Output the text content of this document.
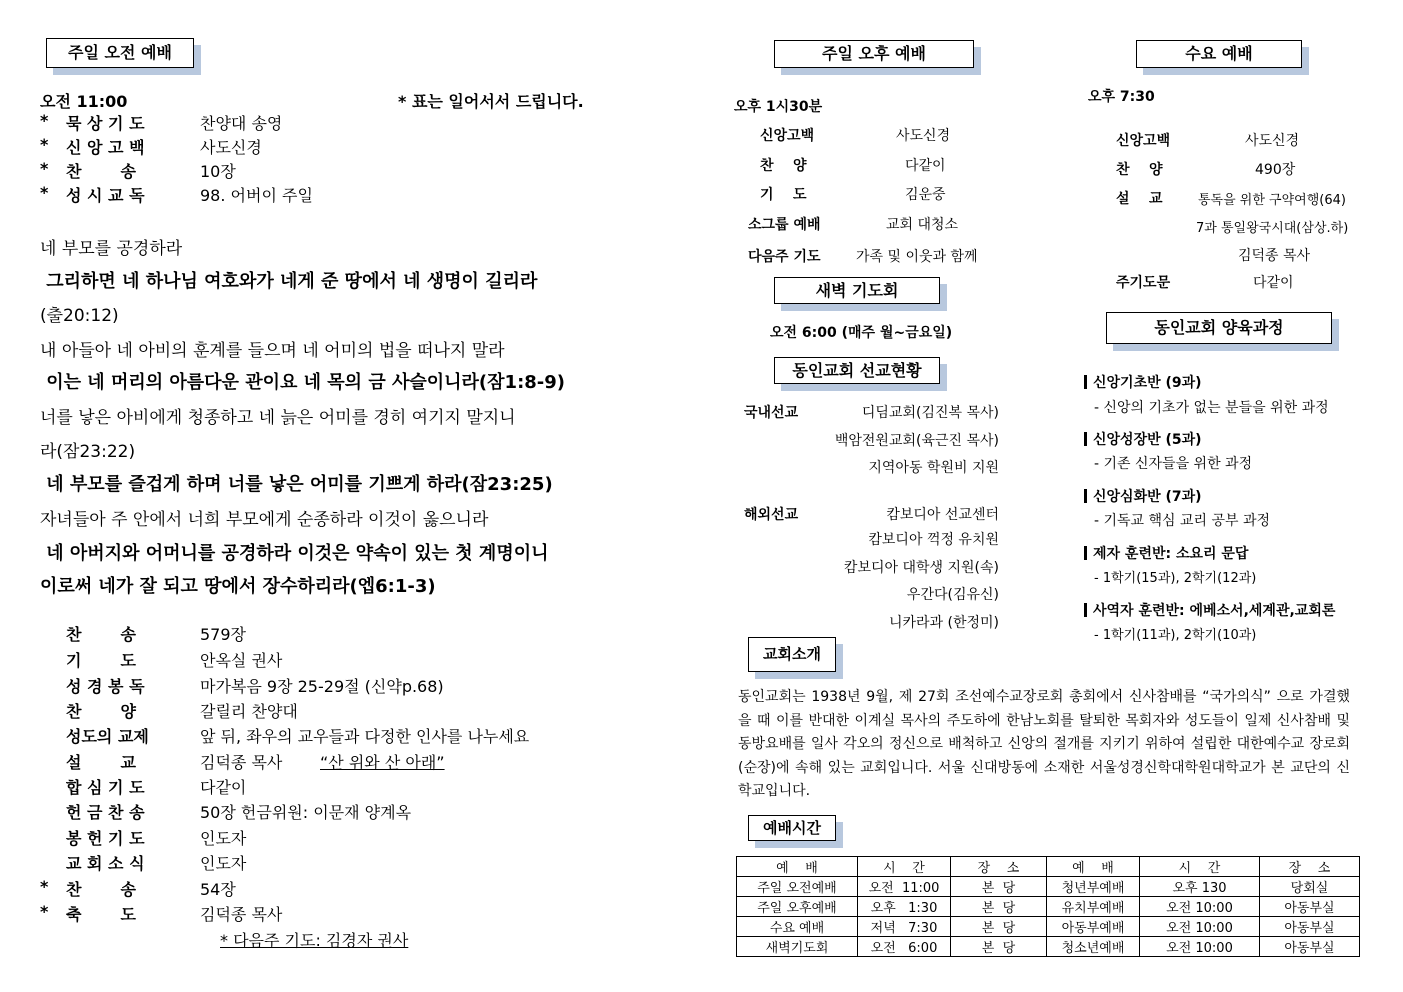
주일 오전 예배
오전 11:00	* 표는 일어서서 드립니다.
* 묵 상 기 도	찬양대 송영
* 신 앙 고 백	사도신경
* 찬       송	10장
* 성 시 교 독	98. 어버이 주일
네 부모를 공경하라
그리하면 네 하나님 여호와가 네게 준 땅에서 네 생명이 길리라
(출20:12)
내 아들아 네 아비의 훈계를 들으며 네 어미의 법을 떠나지 말라
이는 네 머리의 아름다운 관이요 네 목의 금 사슬이니라(잠1:8-9)
너를 낳은 아비에게 청종하고 네 늙은 어미를 경히 여기지 말지니
라(잠23:22)
네 부모를 즐겁게 하며 너를 낳은 어미를 기쁘게 하라(잠23:25)
자녀들아 주 안에서 너희 부모에게 순종하라 이것이 옳으니라
네 아버지와 어머니를 공경하라 이것은 약속이 있는 첫 계명이니
이로써 네가 잘 되고 땅에서 장수하리라(엡6:1-3)
찬       송	579장
기       도	안옥실 권사
성 경 봉 독	마가복음 9장 25-29절 (신약p.68)
찬       양	갈릴리 찬양대
성도의 교제	앞 뒤, 좌우의 교우들과 다정한 인사를 나누세요
설       교	김덕종 목사 “산 위와 산 아래”
합 심 기 도	다같이
헌 금 찬 송	50장 헌금위원: 이문재 양계옥
봉 헌 기 도	인도자
교 회 소 식	인도자
* 찬       송	54장
* 축       도	김덕종 목사
* 다음주 기도: 김경자 권사
주일 오후 예배
오후 1시30분
신앙고백	사도신경
찬    양	다같이
기    도	김운중
소그룹 예배	교회 대청소
다음주 기도	가족 및 이웃과 함께
새벽 기도회
오전 6:00 (매주 월~금요일)
동인교회 선교현황
국내선교	디딤교회(김진복 목사)
백암전원교회(육근진 목사)
지역아동 학원비 지원
해외선교	캄보디아 선교센터
캄보디아 꺽정 유치원
캄보디아 대학생 지원(속)
우간다(김유신)
니카라과 (한정미)
수요 예배
오후 7:30
신앙고백	사도신경
찬    양	490장
설    교	통독을 위한 구약여행(64)
7과 통일왕국시대(삼상.하)
김덕종 목사
주기도문	다같이
동인교회 양육과정
신앙기초반 (9과)
- 신앙의 기초가 없는 분들을 위한 과정
신앙성장반 (5과)
- 기존 신자들을 위한 과정
신앙심화반 (7과)
- 기독교 핵심 교리 공부 과정
제자 훈련반: 소요리 문답
- 1학기(15과), 2학기(12과)
사역자 훈련반: 에베소서,세계관,교회론
- 1학기(11과), 2학기(10과)
교회소개
동인교회는 1938년 9월, 제 27회 조선예수교장로회 총회에서 신사참배를 “국가의식” 으로 가결했을 때 이를 반대한 이계실 목사의 주도하에 한남노회를 탈퇴한 목회자와 성도들이 일제 신사참배 및 동방요배를 일사 각오의 정신으로 배척하고 신앙의 절개를 지키기 위하여 설립한 대한예수교 장로회(순장)에 속해 있는 교회입니다. 서울 신대방동에 소재한 서울성경신학대학원대학교가 본 교단의 신학교입니다.
예배시간
예    배	시    간	장    소	예    배	시    간	장    소
주일 오전예배	오전  11:00	본  당	청년부예배	오후 130	당회실
주일 오후예배	오후   1:30	본  당	유치부예배	오전 10:00	아동부실
수요 예배	저녁   7:30	본  당	아동부예배	오전 10:00	아동부실
새벽기도회	오전   6:00	본  당	청소년예배	오전 10:00	아동부실
